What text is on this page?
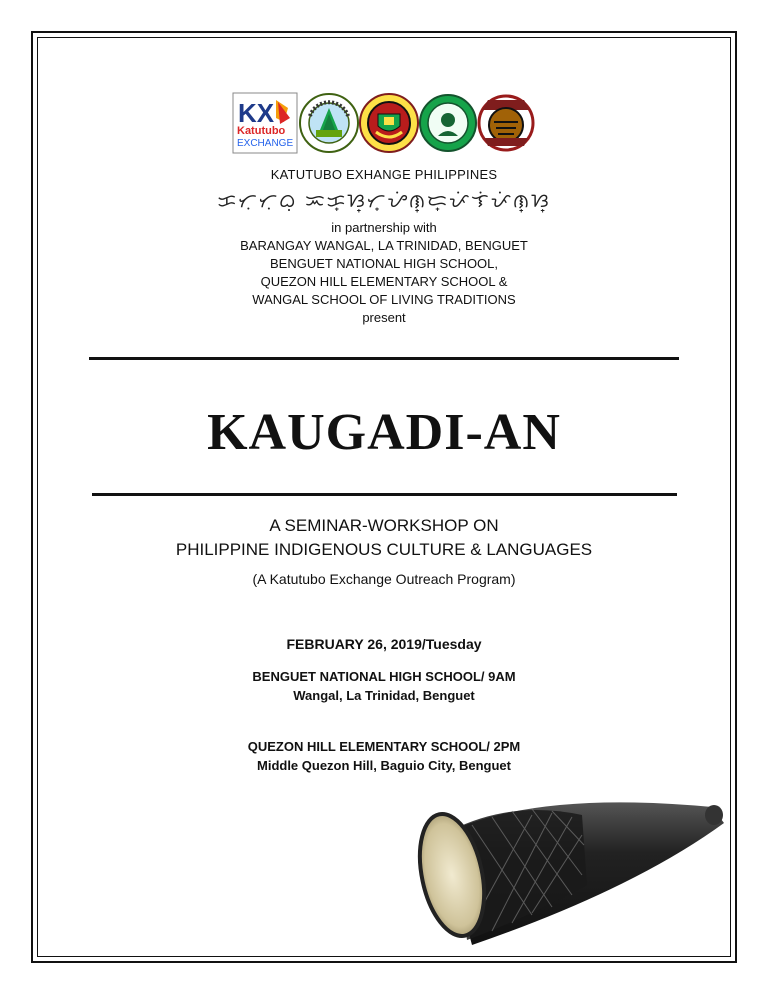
KX
Katutubo
EXCHANGE
KATUTUBO EXHANGE PHILIPPINES
ᜃᜆᜓᜆᜓᜊᜓ ᜁᜃ᜔ᜐ᜔ᜆ᜔ᜌᜒᜈ᜔ᜇ᜔ᜉᜒᜎᜒᜉᜒᜈ᜔ᜐ᜔
in partnership with
BARANGAY WANGAL, LA TRINIDAD, BENGUET
BENGUET NATIONAL HIGH SCHOOL,
QUEZON HILL ELEMENTARY SCHOOL &
WANGAL SCHOOL OF LIVING TRADITIONS
present
KAUGADI-AN
A SEMINAR-WORKSHOP ON
PHILIPPINE INDIGENOUS CULTURE & LANGUAGES
(A Katutubo Exchange Outreach Program)
FEBRUARY 26, 2019/Tuesday
BENGUET NATIONAL HIGH SCHOOL/ 9AM
Wangal, La Trinidad, Benguet
QUEZON HILL ELEMENTARY SCHOOL/ 2PM
Middle Quezon Hill, Baguio City, Benguet
